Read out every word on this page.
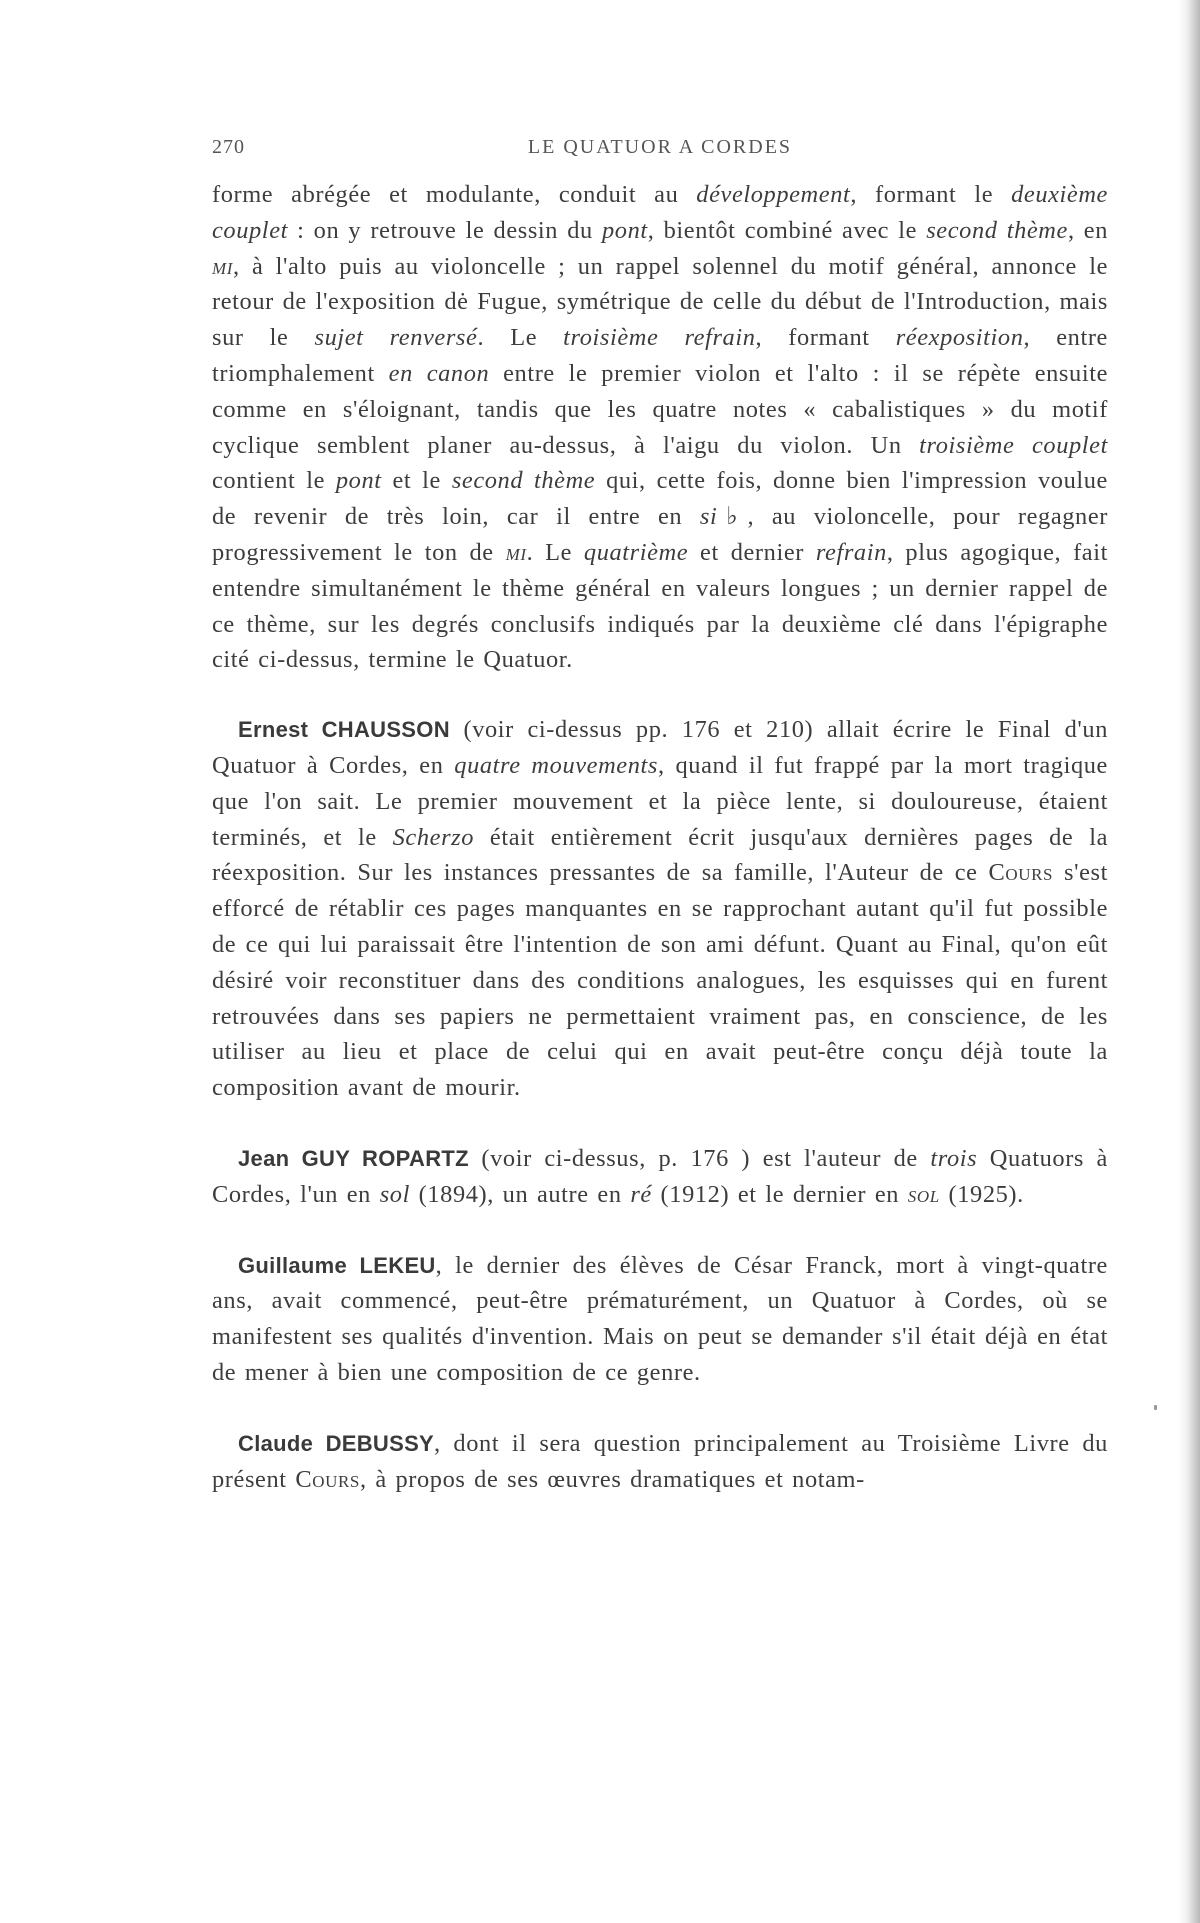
270	LE QUATUOR A CORDES

forme abrégée et modulante, conduit au développement, formant le deuxième couplet : on y retrouve le dessin du pont, bientôt combiné avec le second thème, en mi, à l'alto puis au violoncelle ; un rappel solennel du motif général, annonce le retour de l'exposition dė Fugue, symétrique de celle du début de l'Introduction, mais sur le sujet renversé. Le troisième refrain, formant réexposition, entre triomphalement en canon entre le premier violon et l'alto : il se répète ensuite comme en s'éloignant, tandis que les quatre notes « cabalistiques » du motif cyclique semblent planer au-dessus, à l'aigu du violon. Un troisième couplet contient le pont et le second thème qui, cette fois, donne bien l'impression voulue de revenir de très loin, car il entre en si♭, au violoncelle, pour regagner progressivement le ton de mi. Le quatrième et dernier refrain, plus agogique, fait entendre simultanément le thème général en valeurs longues ; un dernier rappel de ce thème, sur les degrés conclusifs indiqués par la deuxième clé dans l'épigraphe cité ci-dessus, termine le Quatuor.

Ernest CHAUSSON (voir ci-dessus pp. 176 et 210) allait écrire le Final d'un Quatuor à Cordes, en quatre mouvements, quand il fut frappé par la mort tragique que l'on sait. Le premier mouvement et la pièce lente, si douloureuse, étaient terminés, et le Scherzo était entièrement écrit jusqu'aux dernières pages de la réexposition. Sur les instances pressantes de sa famille, l'Auteur de ce Cours s'est efforcé de rétablir ces pages manquantes en se rapprochant autant qu'il fut possible de ce qui lui paraissait être l'intention de son ami défunt. Quant au Final, qu'on eût désiré voir reconstituer dans des conditions analogues, les esquisses qui en furent retrouvées dans ses papiers ne permettaient vraiment pas, en conscience, de les utiliser au lieu et place de celui qui en avait peut-être conçu déjà toute la composition avant de mourir.

Jean GUY ROPARTZ (voir ci-dessus, p. 176 ) est l'auteur de trois Quatuors à Cordes, l'un en sol (1894), un autre en ré (1912) et le dernier en sol (1925).

Guillaume LEKEU, le dernier des élèves de César Franck, mort à vingt-quatre ans, avait commencé, peut-être prématurément, un Quatuor à Cordes, où se manifestent ses qualités d'invention. Mais on peut se demander s'il était déjà en état de mener à bien une composition de ce genre.

Claude DEBUSSY, dont il sera question principalement au Troisième Livre du présent Cours, à propos de ses œuvres dramatiques et notam-
